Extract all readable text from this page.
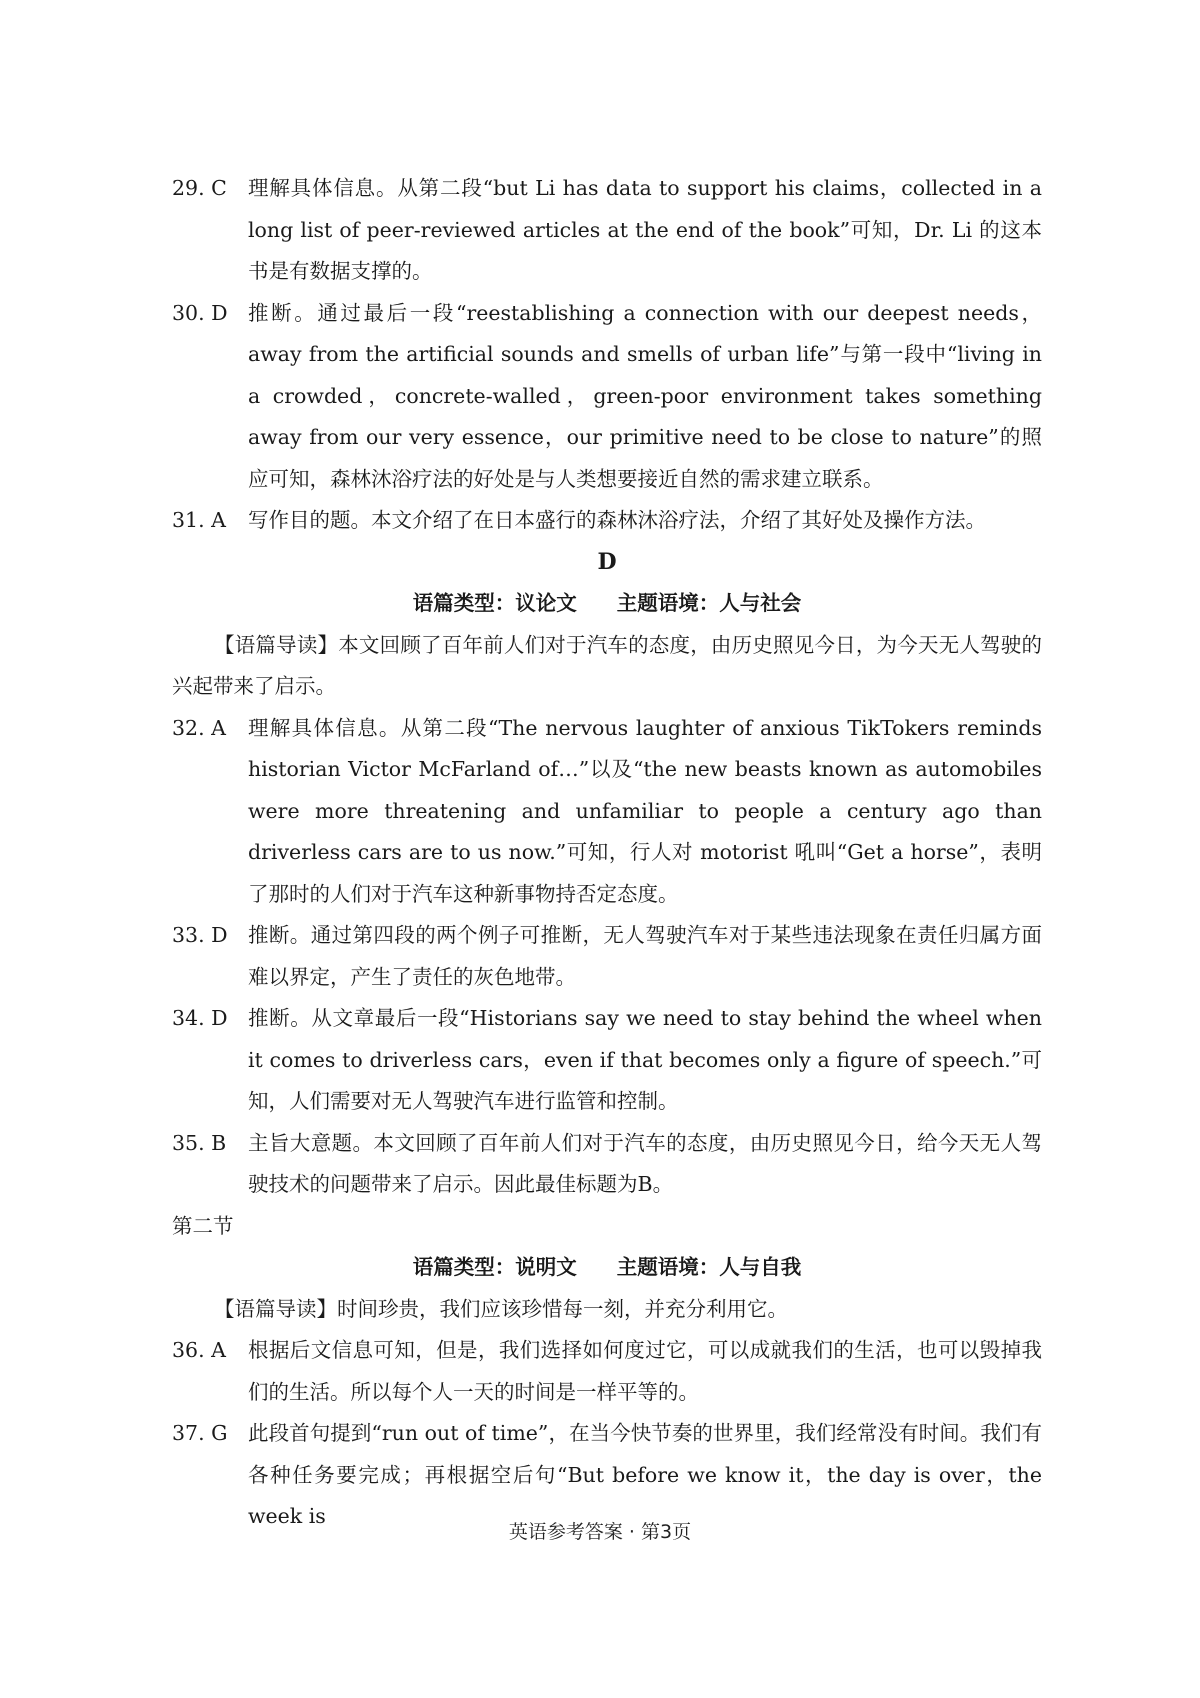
29. C	理解具体信息。从第二段“but Li has data to support his claims，collected in a long list of peer-reviewed articles at the end of the book”可知，Dr. Li 的这本书是有数据支撑的。
30. D 推断。通过最后一段“reestablishing a connection with our deepest needs，away from the artificial sounds and smells of urban life”与第一段中“living in a crowded，concrete-walled，green-poor environment takes something away from our very essence，our primitive need to be close to nature”的照应可知，森林沐浴疗法的好处是与人类想要接近自然的需求建立联系。
31. A	写作目的题。本文介绍了在日本盛行的森林沐浴疗法，介绍了其好处及操作方法。
D
语篇类型：议论文 主题语境：人与社会
【语篇导读】本文回顾了百年前人们对于汽车的态度，由历史照见今日，为今天无人驾驶的兴起带来了启示。
32. A	理解具体信息。从第二段“The nervous laughter of anxious TikTokers reminds historian Victor McFarland of…”以及“the new beasts known as automobiles were more threatening and unfamiliar to people a century ago than driverless cars are to us now.”可知，行人对 motorist 吼叫“Get a horse”，表明了那时的人们对于汽车这种新事物持否定态度。
33. D 推断。通过第四段的两个例子可推断，无人驾驶汽车对于某些违法现象在责任归属方面难以界定，产生了责任的灰色地带。
34. D 推断。从文章最后一段“Historians say we need to stay behind the wheel when it comes to driverless cars，even if that becomes only a figure of speech.”可知，人们需要对无人驾驶汽车进行监管和控制。
35. B	主旨大意题。本文回顾了百年前人们对于汽车的态度，由历史照见今日，给今天无人驾驶技术的问题带来了启示。因此最佳标题为B。
第二节
语篇类型：说明文 主题语境：人与自我
【语篇导读】时间珍贵，我们应该珍惜每一刻，并充分利用它。
36. A	根据后文信息可知，但是，我们选择如何度过它，可以成就我们的生活，也可以毁掉我们的生活。所以每个人一天的时间是一样平等的。
37. G	此段首句提到“run out of time”，在当今快节奏的世界里，我们经常没有时间。我们有各种任务要完成；再根据空后句“But before we know it，the day is over，the week is
英语参考答案 · 第3页
